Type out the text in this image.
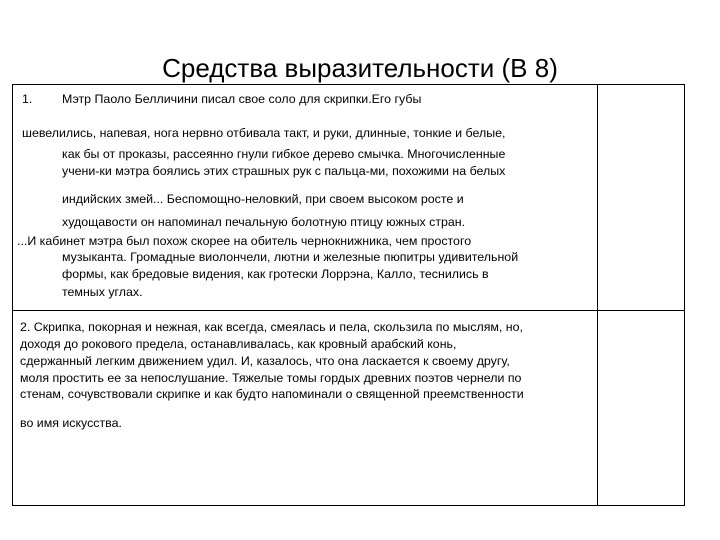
Средства выразительности (В 8)
1. Мэтр Паоло Белличини писал свое соло для скрипки.Его губы
шевелились, напевая, нога нервно отбивала такт, и руки, длинные, тонкие и белые,
как бы от проказы, рассеянно гнули гибкое дерево смычка. Многочисленные
учени-ки мэтра боялись этих страшных рук с пальца-ми, похожими на белых
индийских змей... Беспомощно-неловкий, при своем высоком росте и
худощавости он напоминал печальную болотную птицу южных стран.
...И кабинет мэтра был похож скорее на обитель чернокнижника, чем простого
музыканта. Громадные виолончели, лютни и железные пюпитры удивительной
формы, как бредовые видения, как гротески Лоррэна, Калло, теснились в
темных углах.
2. Скрипка, покорная и нежная, как всегда, смеялась и пела, скользила по мыслям, но,
доходя до рокового предела, останавливалась, как кровный арабский конь,
сдержанный легким движением удил. И, казалось, что она ласкается к своему другу,
моля простить ее за непослушание. Тяжелые томы гордых древних поэтов чернели по
стенам, сочувствовали скрипке и как будто напоминали о священной преемственности
во имя искусства.
